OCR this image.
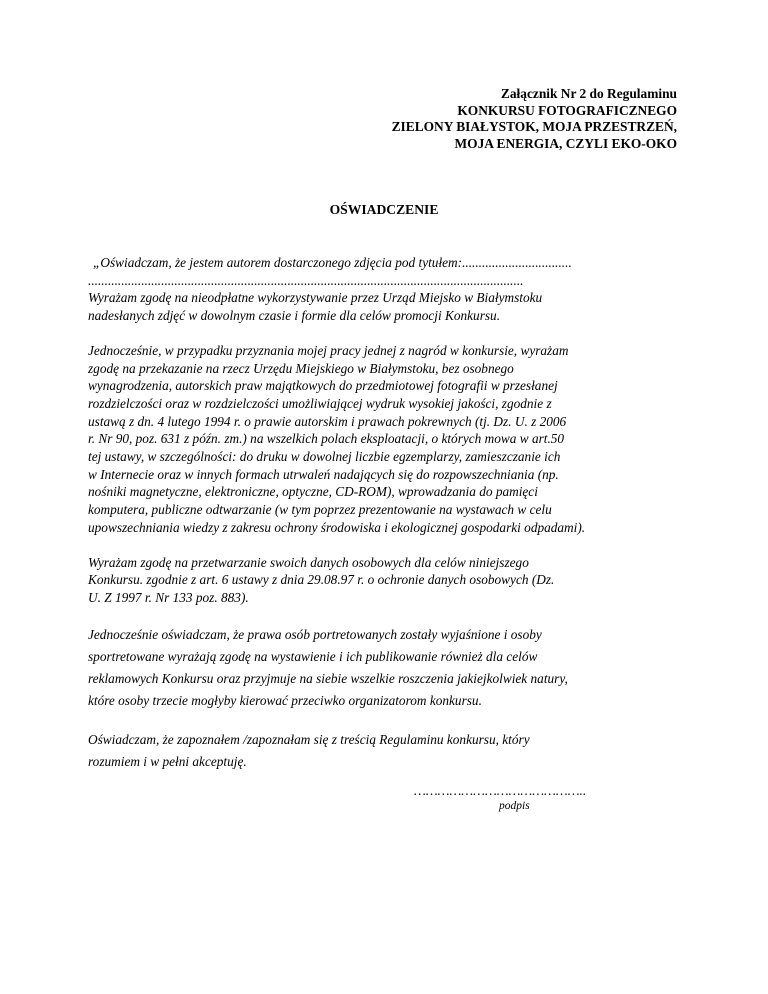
Załącznik Nr 2 do Regulaminu
KONKURSU FOTOGRAFICZNEGO
ZIELONY BIAŁYSTOK, MOJA PRZESTRZEŃ,
MOJA ENERGIA, CZYLI EKO-OKO
OŚWIADCZENIE

„Oświadczam, że jestem autorem dostarczonego zdjęcia pod tytułem:.................................

...................................................................................................................................

Wyrażam zgodę na nieodpłatne wykorzystywanie przez Urząd Miejsko w Białymstoku
nadesłanych zdjęć w dowolnym czasie i formie dla celów promocji Konkursu.

Jednocześnie, w przypadku przyznania mojej pracy jednej z nagród w konkursie, wyrażam
zgodę na przekazanie na rzecz Urzędu Miejskiego w Białymstoku, bez osobnego
wynagrodzenia, autorskich praw majątkowych do przedmiotowej fotografii w przesłanej
rozdzielczości oraz w rozdzielczości umożliwiającej wydruk wysokiej jakości, zgodnie z
ustawą z dn. 4 lutego 1994 r. o prawie autorskim i prawach pokrewnych (tj. Dz. U. z 2006
r. Nr 90, poz. 631 z późn. zm.) na wszelkich polach eksploatacji, o których mowa w art.50
tej ustawy, w szczególności: do druku w dowolnej liczbie egzemplarzy, zamieszczanie ich
w Internecie oraz w innych formach utrwaleń nadających się do rozpowszechniania (np.
nośniki magnetyczne, elektroniczne, optyczne, CD-ROM), wprowadzania do pamięci
komputera, publiczne odtwarzanie (w tym poprzez prezentowanie na wystawach w celu
upowszechniania wiedzy z zakresu ochrony środowiska i ekologicznej gospodarki odpadami).

Wyrażam zgodę na przetwarzanie swoich danych osobowych dla celów niniejszego
Konkursu. zgodnie z art. 6 ustawy z dnia 29.08.97 r. o ochronie danych osobowych (Dz.
U. Z 1997 r. Nr 133 poz. 883).

Jednocześnie oświadczam, że prawa osób portretowanych zostały wyjaśnione i osoby
sportretowane wyrażają zgodę na wystawienie i ich publikowanie również dla celów
reklamowych Konkursu oraz przyjmuje na siebie wszelkie roszczenia jakiejkolwiek natury,
które osoby trzecie mogłyby kierować przeciwko organizatorom konkursu.

Oświadczam, że zapoznałem /zapoznałam się z treścią Regulaminu konkursu, który
rozumiem i w pełni akceptuję.

……………………………………..
podpis
